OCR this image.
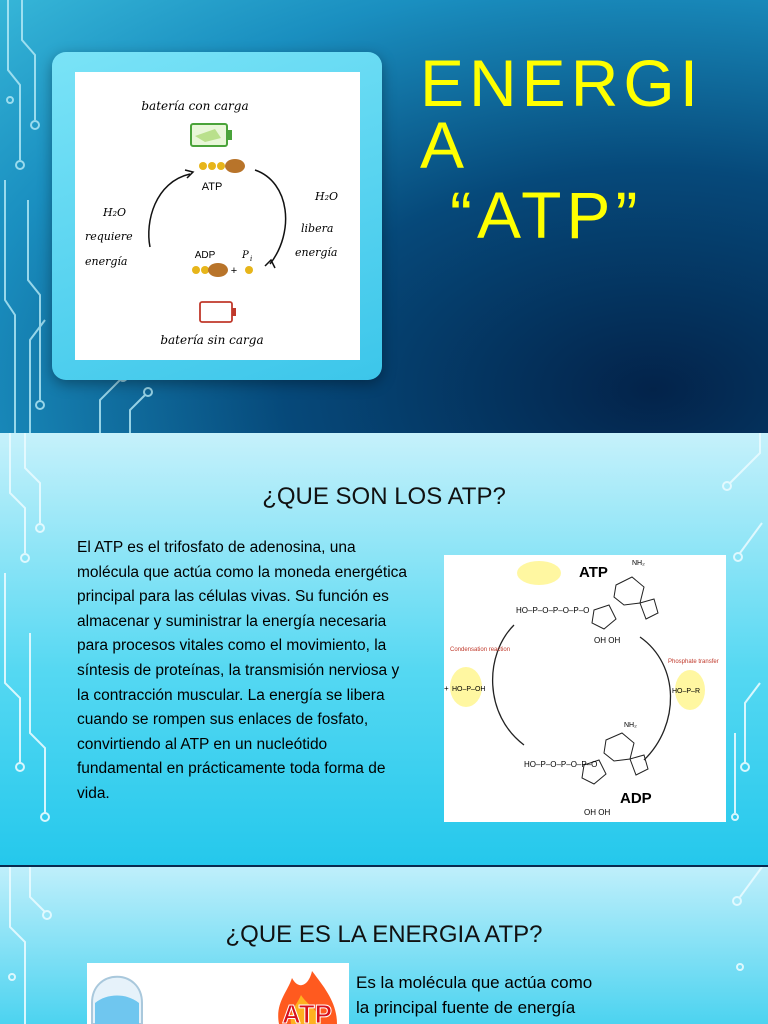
batería con carga
ATP
H₂O
H₂O
requiere
energía
libera
energía
ADP	P i
+
batería sin carga
ENERGI
A
“ATP”
¿QUE SON LOS ATP?

El ATP es el trifosfato de adenosina, una molécula que actúa como la moneda energética principal para las células vivas. Su función es almacenar y suministrar la energía necesaria para procesos vitales como el movimiento, la síntesis de proteínas, la transmisión nerviosa y la contracción muscular. La energía se libera cuando se rompen sus enlaces de fosfato, convirtiendo al ATP en un nucleótido fundamental en prácticamente toda forma de vida.

ATP
NH₂
HO–P–O–P–O–P–O
OH OH
Condensation reaction
Phosphate transfer
+ HO–P–OH	HO–P–R
NH₂
HO–P–O–P–O–P–O
ADP
OH OH
¿QUE ES LA ENERGIA ATP?
ATP
Es la molécula que actúa como
la principal fuente de energía
